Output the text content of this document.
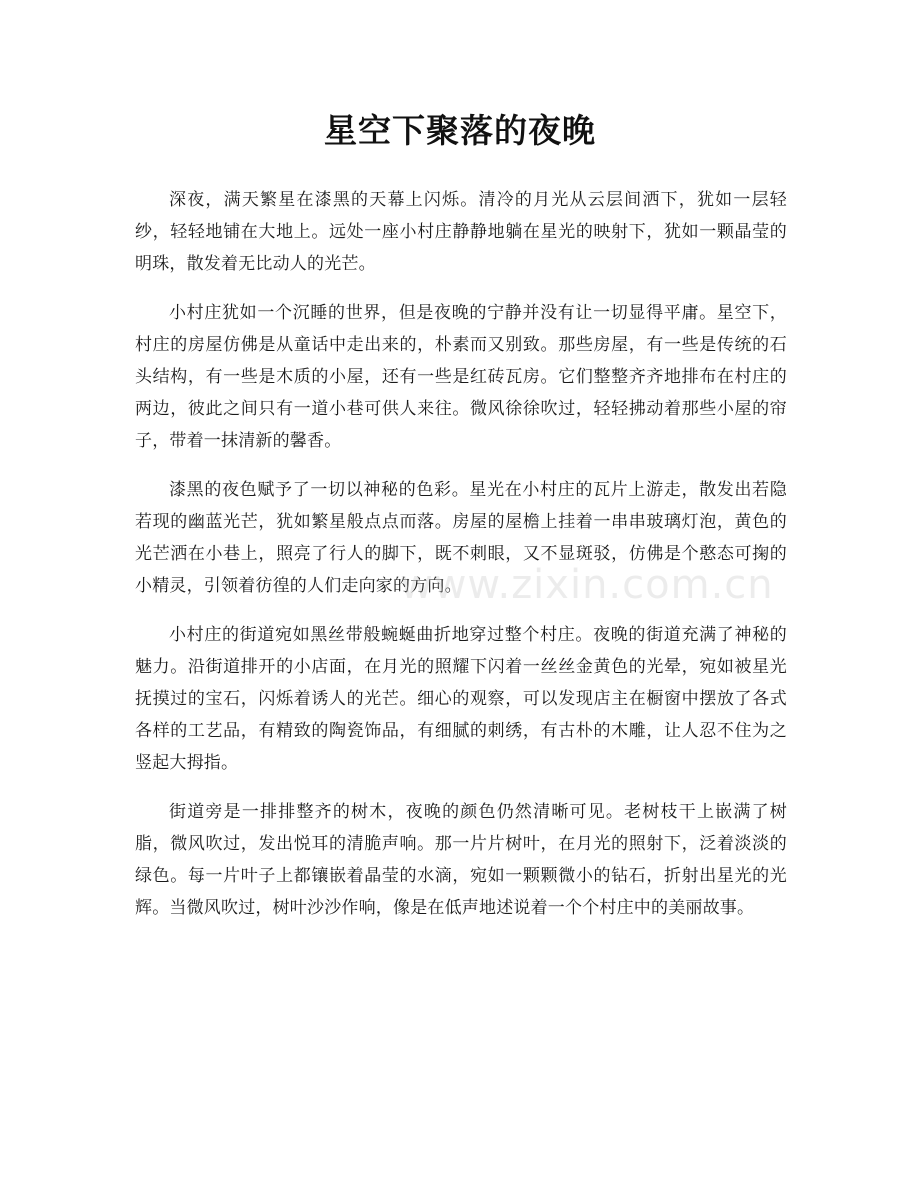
星空下聚落的夜晚

深夜，满天繁星在漆黑的天幕上闪烁。清冷的月光从云层间洒下，犹如一层轻纱，轻轻地铺在大地上。远处一座小村庄静静地躺在星光的映射下，犹如一颗晶莹的明珠，散发着无比动人的光芒。

小村庄犹如一个沉睡的世界，但是夜晚的宁静并没有让一切显得平庸。星空下，村庄的房屋仿佛是从童话中走出来的，朴素而又别致。那些房屋，有一些是传统的石头结构，有一些是木质的小屋，还有一些是红砖瓦房。它们整整齐齐地排布在村庄的两边，彼此之间只有一道小巷可供人来往。微风徐徐吹过，轻轻拂动着那些小屋的帘子，带着一抹清新的馨香。

漆黑的夜色赋予了一切以神秘的色彩。星光在小村庄的瓦片上游走，散发出若隐若现的幽蓝光芒，犹如繁星般点点而落。房屋的屋檐上挂着一串串玻璃灯泡，黄色的光芒洒在小巷上，照亮了行人的脚下，既不刺眼，又不显斑驳，仿佛是个憨态可掬的小精灵，引领着彷徨的人们走向家的方向。

小村庄的街道宛如黑丝带般蜿蜒曲折地穿过整个村庄。夜晚的街道充满了神秘的魅力。沿街道排开的小店面，在月光的照耀下闪着一丝丝金黄色的光晕，宛如被星光抚摸过的宝石，闪烁着诱人的光芒。细心的观察，可以发现店主在橱窗中摆放了各式各样的工艺品，有精致的陶瓷饰品，有细腻的刺绣，有古朴的木雕，让人忍不住为之竖起大拇指。

街道旁是一排排整齐的树木，夜晚的颜色仍然清晰可见。老树枝干上嵌满了树脂，微风吹过，发出悦耳的清脆声响。那一片片树叶，在月光的照射下，泛着淡淡的绿色。每一片叶子上都镶嵌着晶莹的水滴，宛如一颗颗微小的钻石，折射出星光的光辉。当微风吹过，树叶沙沙作响，像是在低声地述说着一个个村庄中的美丽故事。

www.zixin.com.cn
